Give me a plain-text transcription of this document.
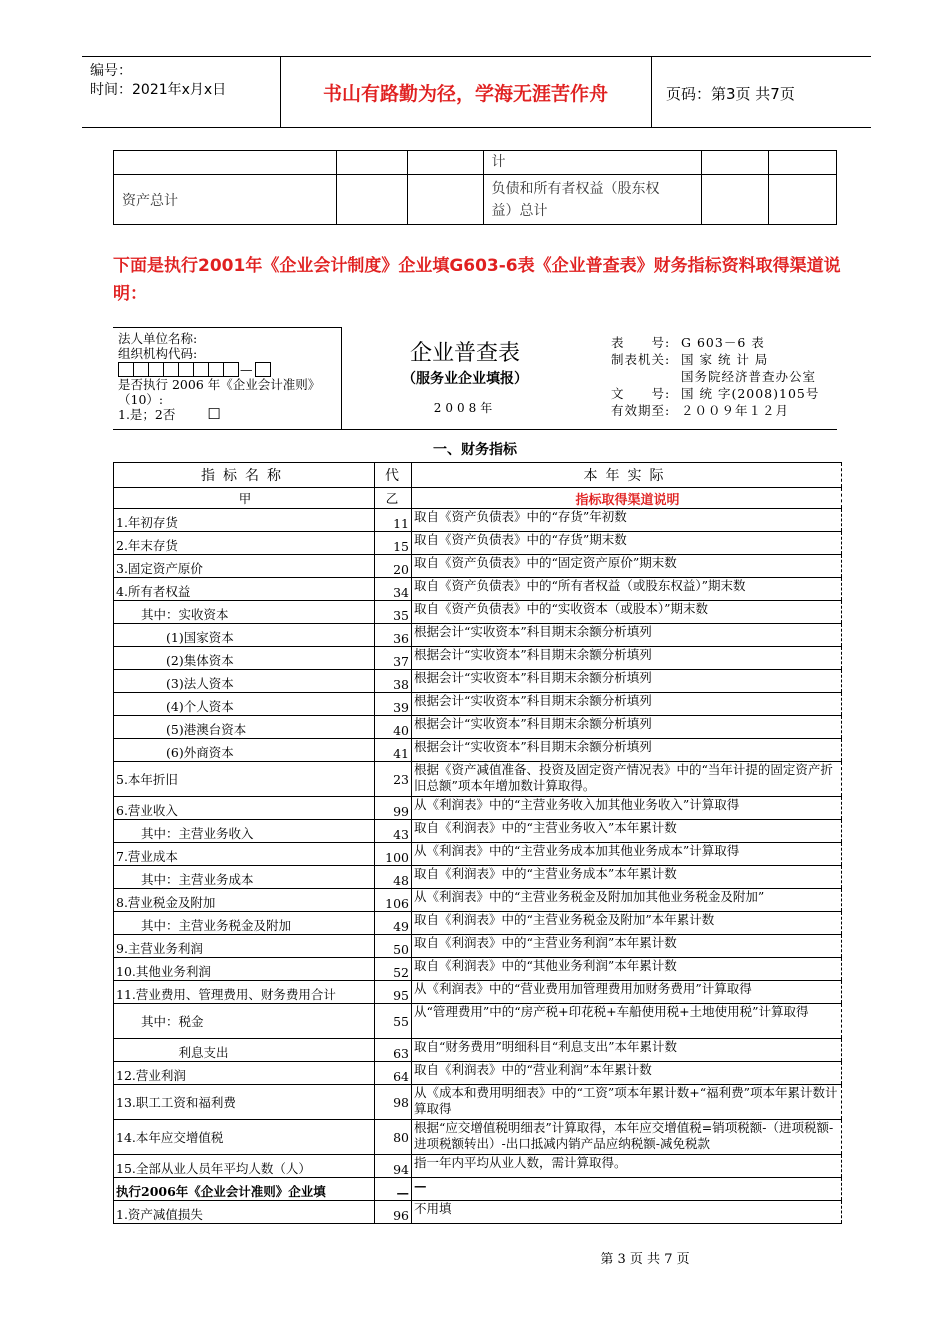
编号：
时间：2021年x月x日	书山有路勤为径，学海无涯苦作舟	页码：第3页 共7页
			计		
资产总计			负债和所有者权益（股东权
益）总计		

下面是执行2001年《企业会计制度》企业填G603-6表《企业普查表》财务指标资料取得渠道说明：
法人单位名称:
组织机构代码:
—
是否执行 2006 年《企业会计准则》
（10）:
1.是；2否 ☐
企业普查表
（服务业企业填报）
2008年
表　　号: G 603－6 表
制表机关: 国 家 统 计 局
国务院经济普查办公室
文　　号: 国 统 字(2008)105号
有效期至: ２００９年１２月
一、财务指标
指标名称	代	本年实际
甲	乙	指标取得渠道说明
1.年初存货	11	取自《资产负债表》中的“存货”年初数
2.年末存货	15	取自《资产负债表》中的“存货”期末数
3.固定资产原价	20	取自《资产负债表》中的“固定资产原价”期末数
4.所有者权益	34	取自《资产负债表》中的“所有者权益（或股东权益）”期末数
　　其中：实收资本	35	取自《资产负债表》中的“实收资本（或股本）”期末数
　　　　(1)国家资本	36	根据会计“实收资本”科目期末余额分析填列
　　　　(2)集体资本	37	根据会计“实收资本”科目期末余额分析填列
　　　　(3)法人资本	38	根据会计“实收资本”科目期末余额分析填列
　　　　(4)个人资本	39	根据会计“实收资本”科目期末余额分析填列
　　　　(5)港澳台资本	40	根据会计“实收资本”科目期末余额分析填列
　　　　(6)外商资本	41	根据会计“实收资本”科目期末余额分析填列
5.本年折旧	23	根据《资产减值准备、投资及固定资产情况表》中的“当年计提的固定资产折旧总额”项本年增加数计算取得。
6.营业收入	99	从《利润表》中的“主营业务收入加其他业务收入”计算取得
　　其中：主营业务收入	43	取自《利润表》中的“主营业务收入”本年累计数
7.营业成本	100	从《利润表》中的“主营业务成本加其他业务成本”计算取得
　　其中：主营业务成本	48	取自《利润表》中的“主营业务成本”本年累计数
8.营业税金及附加	106	从《利润表》中的“主营业务税金及附加加其他业务税金及附加”
　　其中：主营业务税金及附加	49	取自《利润表》中的“主营业务税金及附加”本年累计数
9.主营业务利润	50	取自《利润表》中的“主营业务利润”本年累计数
10.其他业务利润	52	取自《利润表》中的“其他业务利润”本年累计数
11.营业费用、管理费用、财务费用合计	95	从《利润表》中的“营业费用加管理费用加财务费用”计算取得
　　其中：税金	55	从“管理费用”中的“房产税+印花税+车船使用税+土地使用税”计算取得
　　　　　利息支出	63	取自“财务费用”明细科目“利息支出”本年累计数
12.营业利润	64	取自《利润表》中的“营业利润”本年累计数
13.职工工资和福利费	98	从《成本和费用明细表》中的“工资”项本年累计数+“福利费”项本年累计数计算取得
14.本年应交增值税	80	根据“应交增值税明细表”计算取得，本年应交增值税=销项税额-（进项税额-进项税额转出）-出口抵减内销产品应纳税额-减免税款
15.全部从业人员年平均人数（人）	94	指一年内平均从业人数，需计算取得。
执行2006年《企业会计准则》企业填	—	—
1.资产减值损失	96	不用填
第 3 页 共 7 页
